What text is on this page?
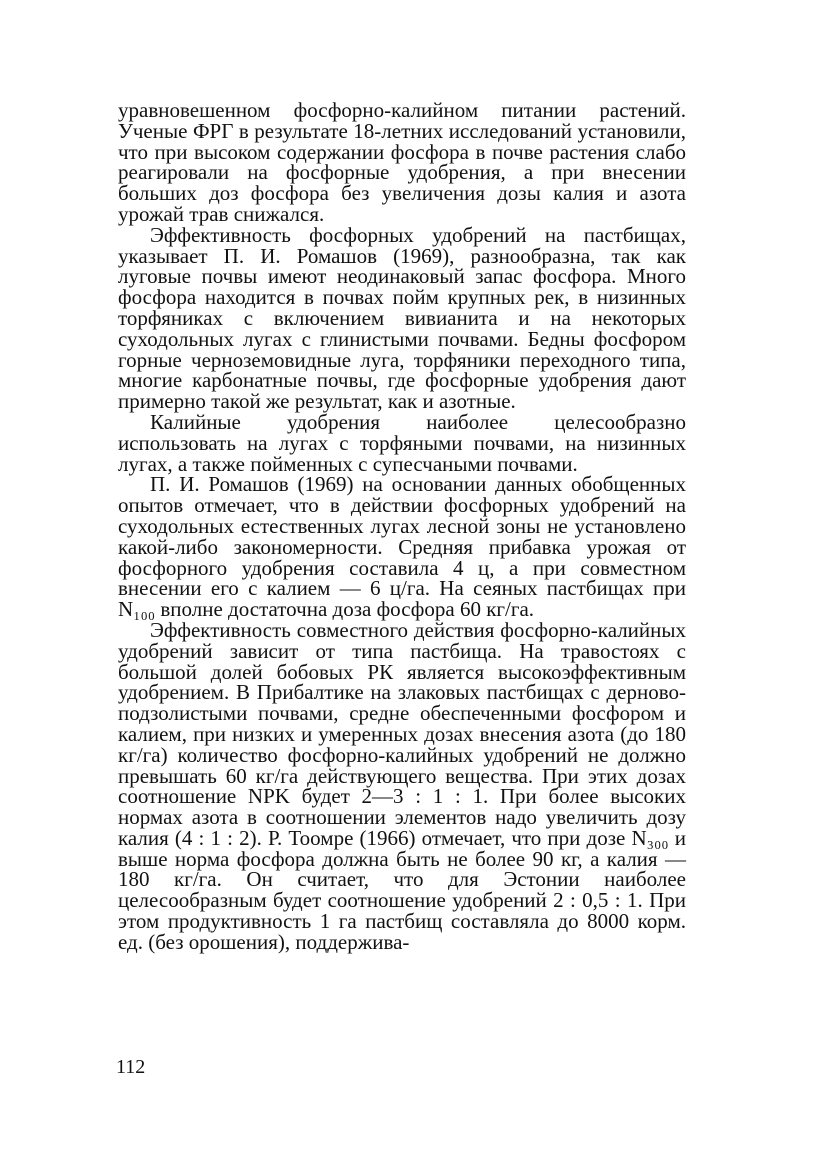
уравновешенном фосфорно-калийном питании растений. Ученые ФРГ в результате 18-летних исследований установили, что при высоком содержании фосфора в почве растения слабо реагировали на фосфорные удобрения, а при внесении больших доз фосфора без увеличения дозы калия и азота урожай трав снижался.

Эффективность фосфорных удобрений на пастбищах, указывает П. И. Ромашов (1969), разнообразна, так как луговые почвы имеют неодинаковый запас фосфора. Много фосфора находится в почвах пойм крупных рек, в низинных торфяниках с включением вивианита и на некоторых суходольных лугах с глинистыми почвами. Бедны фосфором горные черноземовидные луга, торфяники переходного типа, многие карбонатные почвы, где фосфорные удобрения дают примерно такой же результат, как и азотные.

Калийные удобрения наиболее целесообразно использовать на лугах с торфяными почвами, на низинных лугах, а также пойменных с супесчаными почвами.

П. И. Ромашов (1969) на основании данных обобщенных опытов отмечает, что в действии фосфорных удобрений на суходольных естественных лугах лесной зоны не установлено какой-либо закономерности. Средняя прибавка урожая от фосфорного удобрения составила 4 ц, а при совместном внесении его с калием — 6 ц/га. На сеяных пастбищах при N₁₀₀ вполне достаточна доза фосфора 60 кг/га.

Эффективность совместного действия фосфорно-калийных удобрений зависит от типа пастбища. На травостоях с большой долей бобовых РК является высокоэффективным удобрением. В Прибалтике на злаковых пастбищах с дерново-подзолистыми почвами, средне обеспеченными фосфором и калием, при низких и умеренных дозах внесения азота (до 180 кг/га) количество фосфорно-калийных удобрений не должно превышать 60 кг/га действующего вещества. При этих дозах соотношение NPK будет 2—3 : 1 : 1. При более высоких нормах азота в соотношении элементов надо увеличить дозу калия (4 : 1 : 2). Р. Тоомре (1966) отмечает, что при дозе N₃₀₀ и выше норма фосфора должна быть не более 90 кг, а калия — 180 кг/га. Он считает, что для Эстонии наиболее целесообразным будет соотношение удобрений 2 : 0,5 : 1. При этом продуктивность 1 га пастбищ составляла до 8000 корм. ед. (без орошения), поддержива-

112
